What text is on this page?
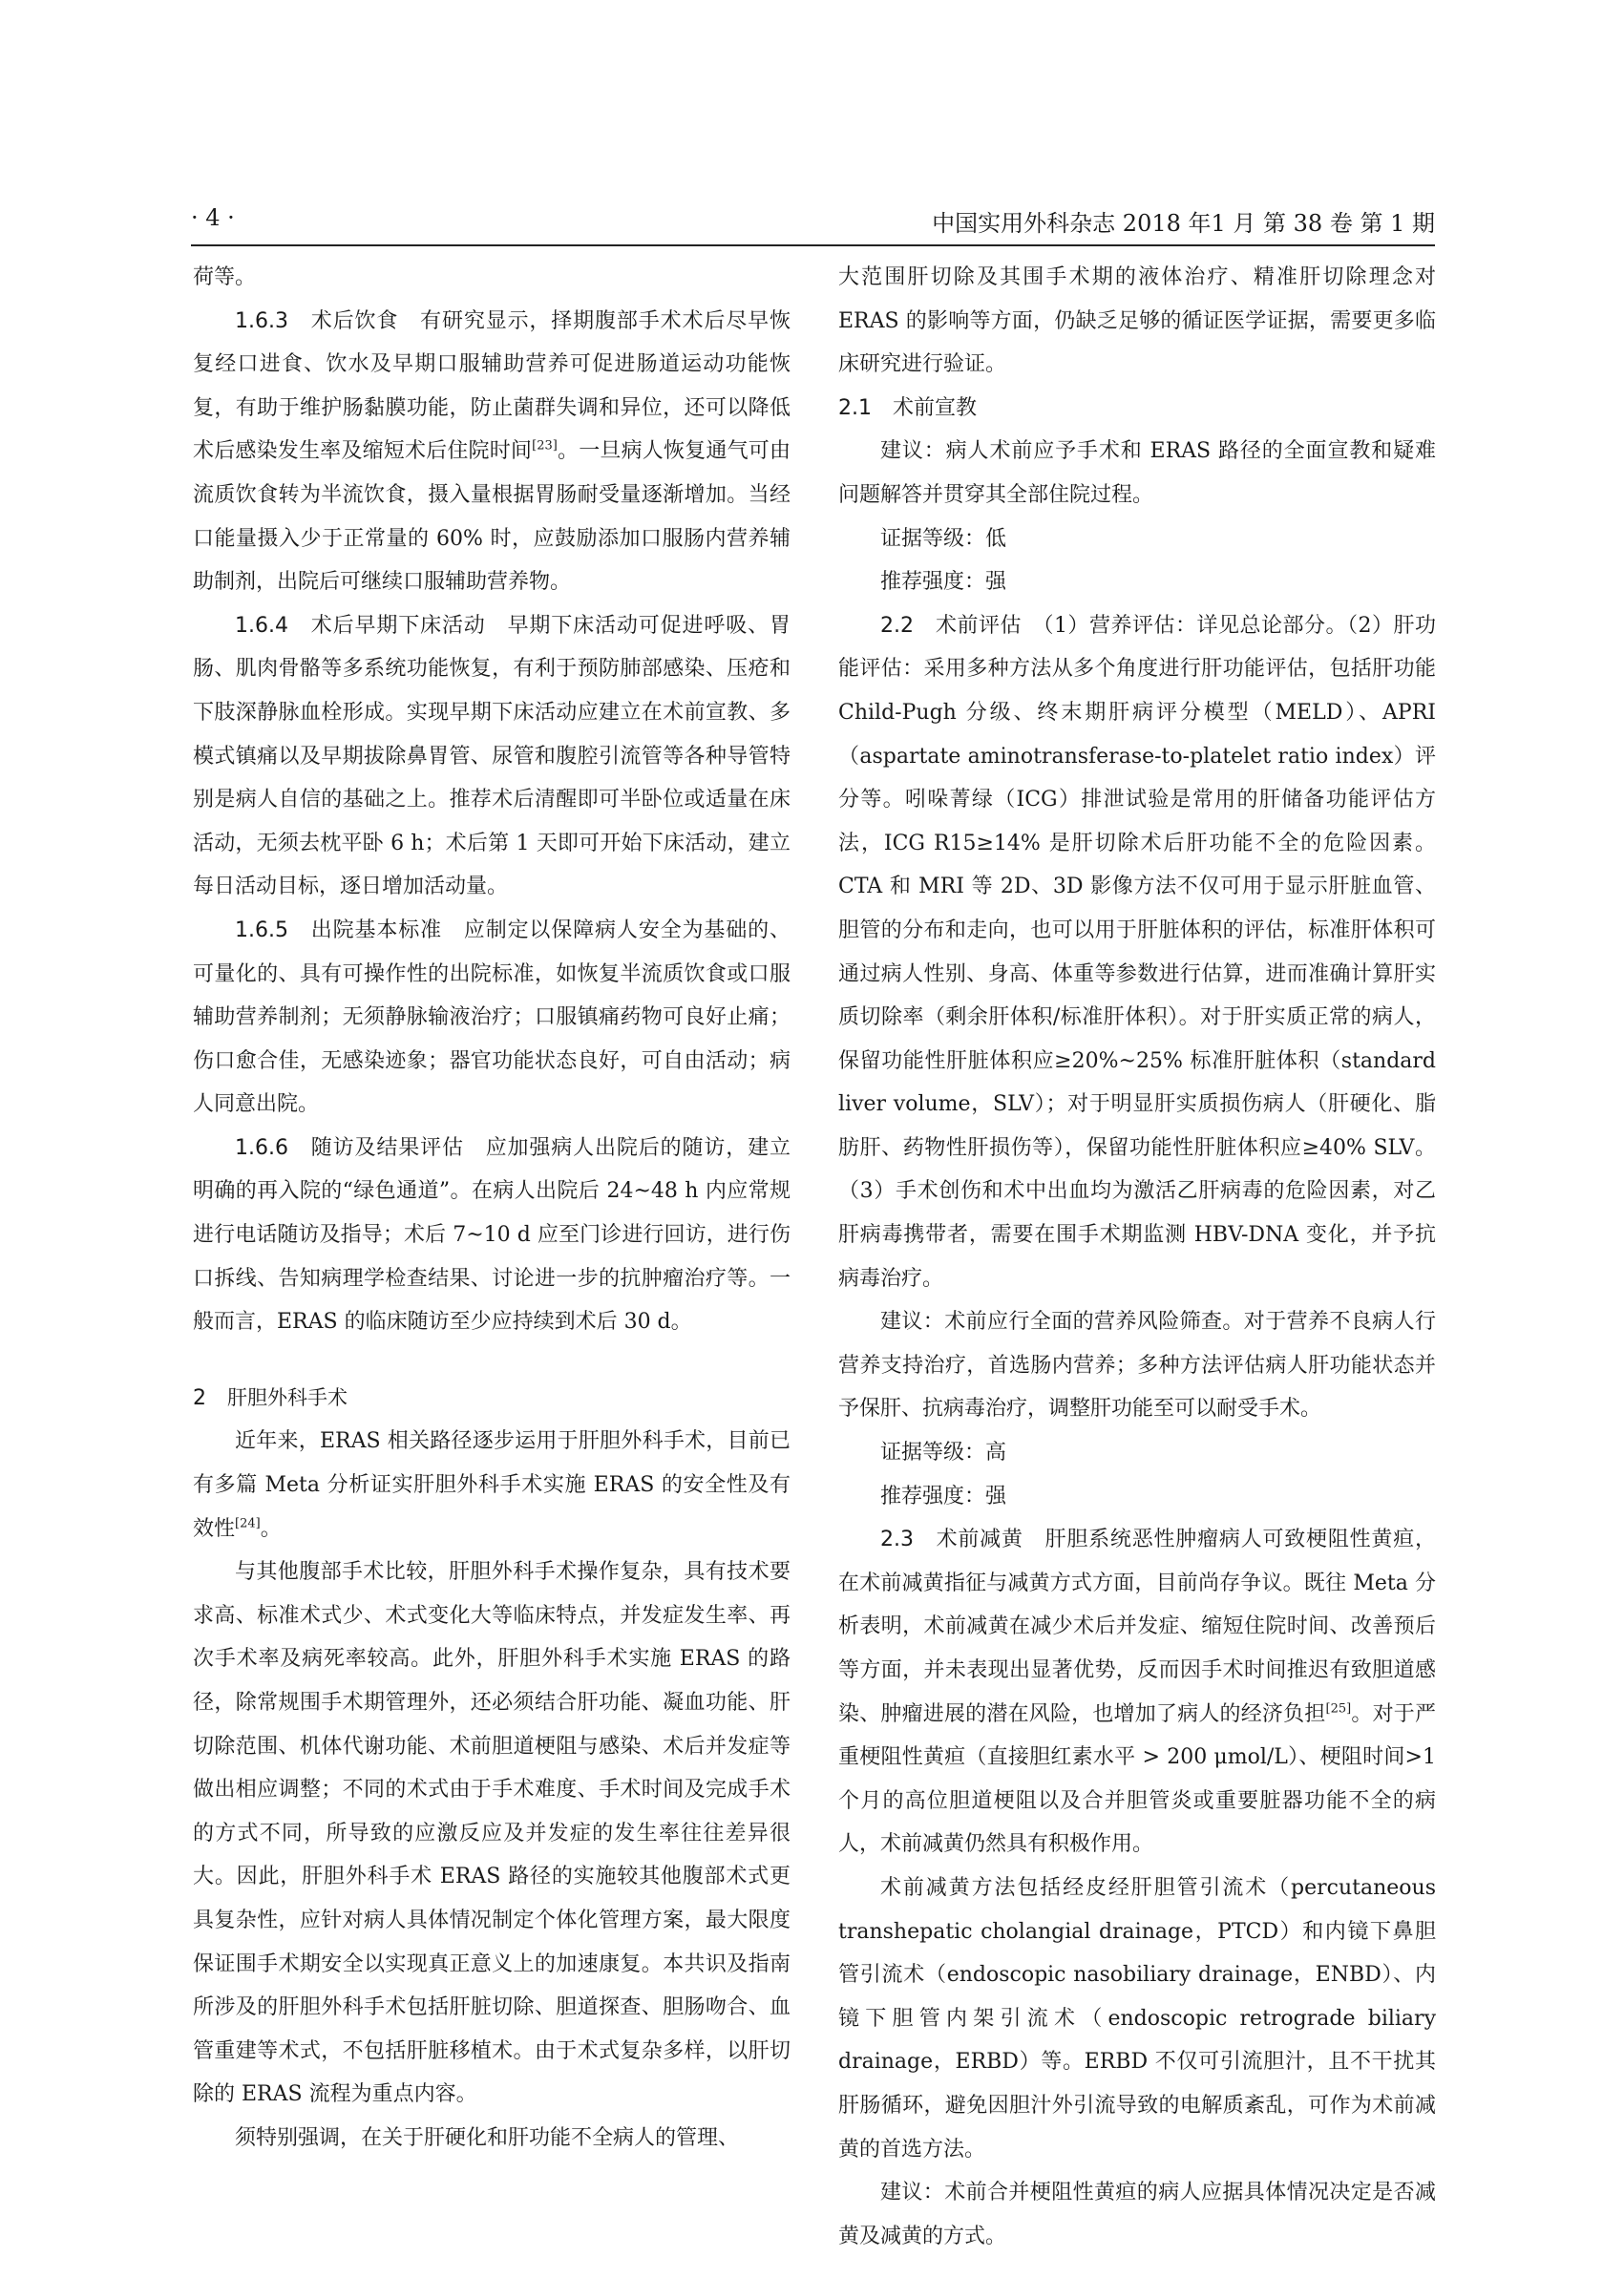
· 4 ·	中国实用外科杂志 2018 年1 月 第 38 卷 第 1 期

荷等。

1.6.3　 术后饮食　 有研究显示，择期腹部手术术后尽早恢复经口进食、饮水及早期口服辅助营养可促进肠道运动功能恢复，有助于维护肠黏膜功能，防止菌群失调和异位，还可以降低术后感染发生率及缩短术后住院时间[23]。一旦病人恢复通气可由流质饮食转为半流饮食，摄入量根据胃肠耐受量逐渐增加。当经口能量摄入少于正常量的 60% 时，应鼓励添加口服肠内营养辅助制剂，出院后可继续口服辅助营养物。

1.6.4　 术后早期下床活动　 早期下床活动可促进呼吸、胃肠、肌肉骨骼等多系统功能恢复，有利于预防肺部感染、压疮和下肢深静脉血栓形成。实现早期下床活动应建立在术前宣教、多模式镇痛以及早期拔除鼻胃管、尿管和腹腔引流管等各种导管特别是病人自信的基础之上。推荐术后清醒即可半卧位或适量在床活动，无须去枕平卧 6 h；术后第 1 天即可开始下床活动，建立每日活动目标，逐日增加活动量。

1.6.5　 出院基本标准　 应制定以保障病人安全为基础的、可量化的、具有可操作性的出院标准，如恢复半流质饮食或口服辅助营养制剂；无须静脉输液治疗；口服镇痛药物可良好止痛；伤口愈合佳，无感染迹象；器官功能状态良好，可自由活动；病人同意出院。

1.6.6　 随访及结果评估　 应加强病人出院后的随访，建立明确的再入院的“绿色通道”。在病人出院后 24~48 h 内应常规进行电话随访及指导；术后 7~10 d 应至门诊进行回访，进行伤口拆线、告知病理学检查结果、讨论进一步的抗肿瘤治疗等。一般而言，ERAS 的临床随访至少应持续到术后 30 d。

2　 肝胆外科手术

近年来，ERAS 相关路径逐步运用于肝胆外科手术，目前已有多篇 Meta 分析证实肝胆外科手术实施 ERAS 的安全性及有效性[24]。

与其他腹部手术比较，肝胆外科手术操作复杂，具有技术要求高、标准术式少、术式变化大等临床特点，并发症发生率、再次手术率及病死率较高。此外，肝胆外科手术实施 ERAS 的路径，除常规围手术期管理外，还必须结合肝功能、凝血功能、肝切除范围、机体代谢功能、术前胆道梗阻与感染、术后并发症等做出相应调整；不同的术式由于手术难度、手术时间及完成手术的方式不同，所导致的应激反应及并发症的发生率往往差异很大。因此，肝胆外科手术 ERAS 路径的实施较其他腹部术式更具复杂性，应针对病人具体情况制定个体化管理方案，最大限度保证围手术期安全以实现真正意义上的加速康复。本共识及指南所涉及的肝胆外科手术包括肝脏切除、胆道探查、胆肠吻合、血管重建等术式，不包括肝脏移植术。由于术式复杂多样，以肝切除的 ERAS 流程为重点内容。

须特别强调，在关于肝硬化和肝功能不全病人的管理、

大范围肝切除及其围手术期的液体治疗、精准肝切除理念对 ERAS 的影响等方面，仍缺乏足够的循证医学证据，需要更多临床研究进行验证。

2.1　 术前宣教

建议：病人术前应予手术和 ERAS 路径的全面宣教和疑难问题解答并贯穿其全部住院过程。

证据等级：低

推荐强度：强

2.2　 术前评估　 （1）营养评估：详见总论部分。（2）肝功能评估：采用多种方法从多个角度进行肝功能评估，包括肝功能 Child-Pugh 分级、终末期肝病评分模型（MELD）、APRI（aspartate aminotransferase-to-platelet ratio index）评分等。吲哚菁绿（ICG）排泄试验是常用的肝储备功能评估方法，ICG R15≥14% 是肝切除术后肝功能不全的危险因素。CTA 和 MRI 等 2D、3D 影像方法不仅可用于显示肝脏血管、胆管的分布和走向，也可以用于肝脏体积的评估，标准肝体积可通过病人性别、身高、体重等参数进行估算，进而准确计算肝实质切除率（剩余肝体积/标准肝体积）。对于肝实质正常的病人，保留功能性肝脏体积应≥20%~25% 标准肝脏体积（standard liver volume，SLV）；对于明显肝实质损伤病人（肝硬化、脂肪肝、药物性肝损伤等），保留功能性肝脏体积应≥40% SLV。（3）手术创伤和术中出血均为激活乙肝病毒的危险因素，对乙肝病毒携带者，需要在围手术期监测 HBV-DNA 变化，并予抗病毒治疗。

建议：术前应行全面的营养风险筛查。对于营养不良病人行营养支持治疗，首选肠内营养；多种方法评估病人肝功能状态并予保肝、抗病毒治疗，调整肝功能至可以耐受手术。

证据等级：高

推荐强度：强

2.3　 术前减黄　 肝胆系统恶性肿瘤病人可致梗阻性黄疸，在术前减黄指征与减黄方式方面，目前尚存争议。既往 Meta 分析表明，术前减黄在减少术后并发症、缩短住院时间、改善预后等方面，并未表现出显著优势，反而因手术时间推迟有致胆道感染、肿瘤进展的潜在风险，也增加了病人的经济负担[25]。对于严重梗阻性黄疸（直接胆红素水平 > 200 μmol/L）、梗阻时间>1 个月的高位胆道梗阻以及合并胆管炎或重要脏器功能不全的病人，术前减黄仍然具有积极作用。

术前减黄方法包括经皮经肝胆管引流术（percutaneous transhepatic cholangial drainage，PTCD）和内镜下鼻胆管引流术（endoscopic nasobiliary drainage，ENBD）、内镜下胆管内架引流术（endoscopic retrograde biliary drainage，ERBD）等。ERBD 不仅可引流胆汁，且不干扰其肝肠循环，避免因胆汁外引流导致的电解质紊乱，可作为术前减黄的首选方法。

建议：术前合并梗阻性黄疸的病人应据具体情况决定是否减黄及减黄的方式。
